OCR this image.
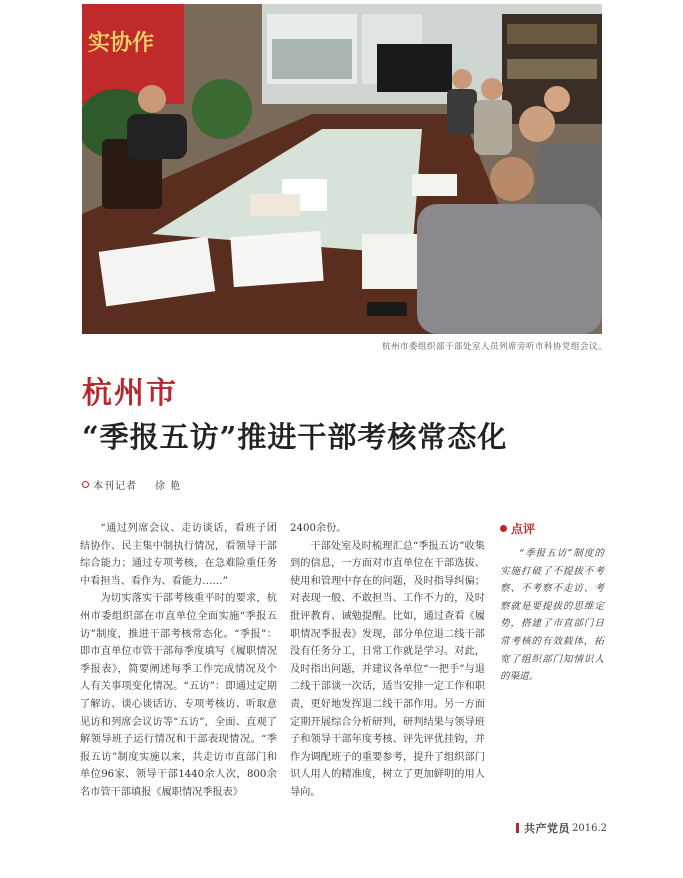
实协作
杭州市委组织部干部处室人员列席旁听市科协党组会议。
杭州市
“季报五访”推进干部考核常态化
本刊记者 徐 艳

“通过列席会议、走访谈话，看班子团结协作、民主集中制执行情况，看领导干部综合能力；通过专项考核，在急难险重任务中看担当、看作为、看能力……”

为切实落实干部考核重平时的要求，杭州市委组织部在市直单位全面实施“季报五访”制度，推进干部考核常态化。“季报”：即市直单位市管干部每季度填写《履职情况季报表》，简要阐述每季工作完成情况及个人有关事项变化情况。“五访”：即通过定期了解访、谈心谈话访、专项考核访、听取意见访和列席会议访等“五访”，全面、直观了解领导班子运行情况和干部表现情况。“季报五访”制度实施以来，共走访市直部门和单位96家、领导干部1440余人次，800余名市管干部填报《履职情况季报表》

2400余份。

干部处室及时梳理汇总“季报五访”收集到的信息，一方面对市直单位在干部选拔、使用和管理中存在的问题，及时指导纠偏；对表现一般、不敢担当、工作不力的，及时批评教育、诫勉提醒。比如，通过查看《履职情况季报表》发现，部分单位退二线干部没有任务分工，日常工作就是学习。对此，及时指出问题，并建议各单位“一把手”与退二线干部谈一次话，适当安排一定工作和职责，更好地发挥退二线干部作用。另一方面定期开展综合分析研判，研判结果与领导班子和领导干部年度考核、评先评优挂钩，并作为调配班子的重要参考，提升了组织部门识人用人的精准度，树立了更加鲜明的用人导向。

点评
“季报五访”制度的实施打破了不提拔不考察、不考察不走访、考察就是要提拔的思维定势，搭建了市直部门日常考核的有效载体，拓宽了组织部门知情识人的渠道。
共产党员 2016.2
